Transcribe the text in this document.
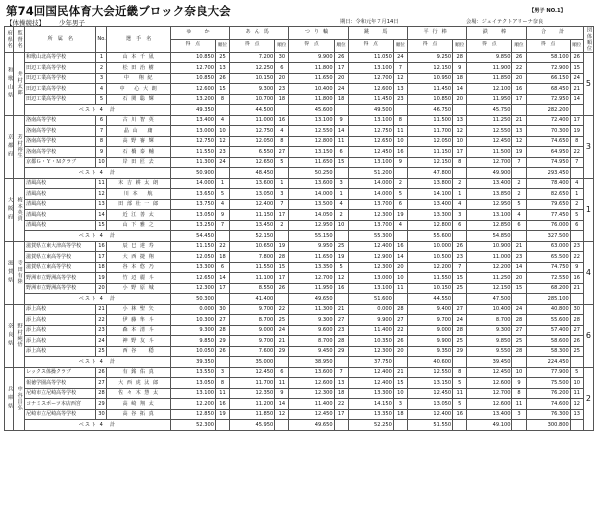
第74回国民体育大会近畿ブロック奈良大会
【体操競技】 少年男子	期日：令和元年７月14日	会場：ジェイテクトアリーナ奈良
【男子 NO.1】
府県名	監督名	所　属　名	No.	選　手　名	ゆ　か		あん馬		つり輪		跳　馬		平行棒		鉄　棒		合　計		団体順位
					得　点	順位	得　点	順位	得　点	順位	得　点	順位	得　点	順位	得　点	順位	得　点	順位	
和歌山県	井村太郎	和歌山北高等学校	1	山 本 千 凪	10.850	25	7.200	30	9.900	26	11.050	24	9.250	28	9.850	26	58.100	26	5
		田辺工業高等学校	2	松 田 治 樹	12.700	13	12.250	6	11.800	17	13.100	7	12.150	9	11.900	22	72.900	15	
		田辺工業高等学校	3	中　 翔 紀	10.850	26	10.150	20	11.650	20	12.700	12	10.950	18	11.850	20	66.150	24	
		田辺工業高等学校	4	中　 心 大 朗	12.600	15	9.300	23	10.400	24	12.600	13	11.450	14	12.100	16	68.450	21	
		田辺工業高等学校	5	石 関 聡 輝	13.200	8	10.700	18	11.800	18	11.450	23	10.850	20	11.950	17	72.950	14	
		ベスト 4　計			49.350		44.500		45.600		49.500		46.750		45.750		282.200		
京都府	芳村裕生	洛南高等学校	6	古 川 智 英	13.400	4	11.000	16	13.100	9	13.100	8	11.500	13	11.250	21	72.400	17	3
		洛南高等学校	7	晶 山　 庸	13.000	10	12.750	4	12.550	14	12.750	11	11.700	12	12.550	13	70.300	19	
		洛南高等学校	8	高 野 審 輝	12.750	12	12.050	8	12.800	11	12.650	10	12.050	10	12.450	12	74.650	8	
		洛南高等学校	9	石 橋 泰 輔	11.550	23	6.550	27	13.150	6	12.450	16	11.150	17	11.500	19	64.950	22	
		京都Ｇ・Ｙ・Ｍクラブ	10	岸 田 匠 去	11.300	24	12.650	5	11.650	15	13.100	9	12.150	8	12.700	7	74.950	7	
		ベスト 4　計			50.900		48.450		50.250		51.200		47.800		49.900		293.450		
大阪府	梅本英貴	清風高校	11	末 吉 耕 太 朗	14.000	1	13.600	1	13.600	3	14.000	2	13.800	2	13.400	2	78.400	4	1
		清風高校	12	川 本　 航	13.650	5	13.050	3	14.000	1	14.000	5	14.100	1	13.850	2	82.650	1	
		清風高校	13	田 部 壮 一 郎	13.750	4	12.400	7	13.500	4	13.700	6	13.400	4	12.950	5	79.650	2	
		清風高校	14	近 江 善 太	13.050	9	11.150	17	14.050	2	12.300	19	13.300	3	13.100	4	77.450	5	
		清風高校	15	山 下 雅 之	13.250	7	13.450	2	12.950	10	13.700	4	12.800	6	12.850	6	76.000	6	
		ベスト 4　計			54.450		52.150		55.150		55.300		55.600		54.850		327.500		
滋賀県	寺田有陸	滋賀県立東大津高等学校	16	辰 巳 達 寿	11.150	22	10.650	19	9.950	25	12.400	16	10.000	26	10.900	21	63.000	23	4
		滋賀県立東高等学校	17	大 西 捷 翔	12.050	18	7.800	28	11.650	19	12.900	14	10.500	23	11.000	23	65.500	22	
		滋賀県立東高等学校	18	谷 本 悠 乃	13.300	6	11.550	15	13.350	5	12.300	20	12.200	7	12.200	14	74.750	9	
		野洲市立野洲高等学校	19	竹 辺 麗 斗	12.650	14	11.100	17	12.700	12	13.000	10	11.550	15	11.250	20	72.550	16	
		野洲市立野洲高等学校	20	小 野 原 城	12.300	17	8.550	26	11.950	16	13.100	11	10.150	25	12.150	15	68.200	21	
		ベスト 4　計			50.300		41.400		49.650		51.600		44.550		47.500		285.100		
奈良県	野村純悟	添上高校	21	小 林 聖 矢	0.000	30	9.700	22	11.300	21	0.000	28	9.400	27	10.400	24	40.800	30	6
		添上高校	22	伊 藤 隼 斗	10.300	27	8.700	25	9.300	27	9.900	27	9.700	24	8.700	28	55.600	28	
		添上高校	23	森 本 清 斗	9.300	28	9.000	24	9.600	23	11.400	22	9.000	28	9.300	27	57.400	27	
		添上高校	24	神 野 友 斗	9.850	29	9.700	21	8.700	28	10.350	26	9.900	25	9.850	25	58.600	26	
		添上高校	25	西 谷 　 穏	10.050	26	7.600	29	9.450	29	12.300	20	9.350	29	9.550	28	58.300	25	
		ベスト 4　計			39.350		35.000		38.950		37.750		40.600		39.450		224.450		
兵庫県	中谷昌弘	レックス体操クラブ	26	有 銘 佑 真	13.550	3	12.450	6	13.600	7	12.400	21	12.550	8	12.450	10	77.900	5	2
		報徳学園高等学校	27	大 西 虎 汰 郎	13.050	8	11.700	11	12.600	13	12.400	15	13.150	5	12.600	9	75.500	10	
		尼崎市立尼崎高等学校	28	佐 々 木 慧 太	13.100	11	12.350	9	12.300	18	13.300	10	12.450	11	12.700	8	76.200	11	
		コナミスポーツ本店西宮	29	高 崎 翔 太	12.200	16	11.200	14	11.400	22	14.150	3	13.050	5	12.600	11	74.600	12	
		尼崎市立尼崎高等学校	30	高 谷 拓 真	12.850	19	11.850	12	12.450	17	13.350	18	12.400	16	13.400	3	76.300	13	
		ベスト 4　計			52.300		45.950		49.650		52.250		51.550		49.100		300.800		
